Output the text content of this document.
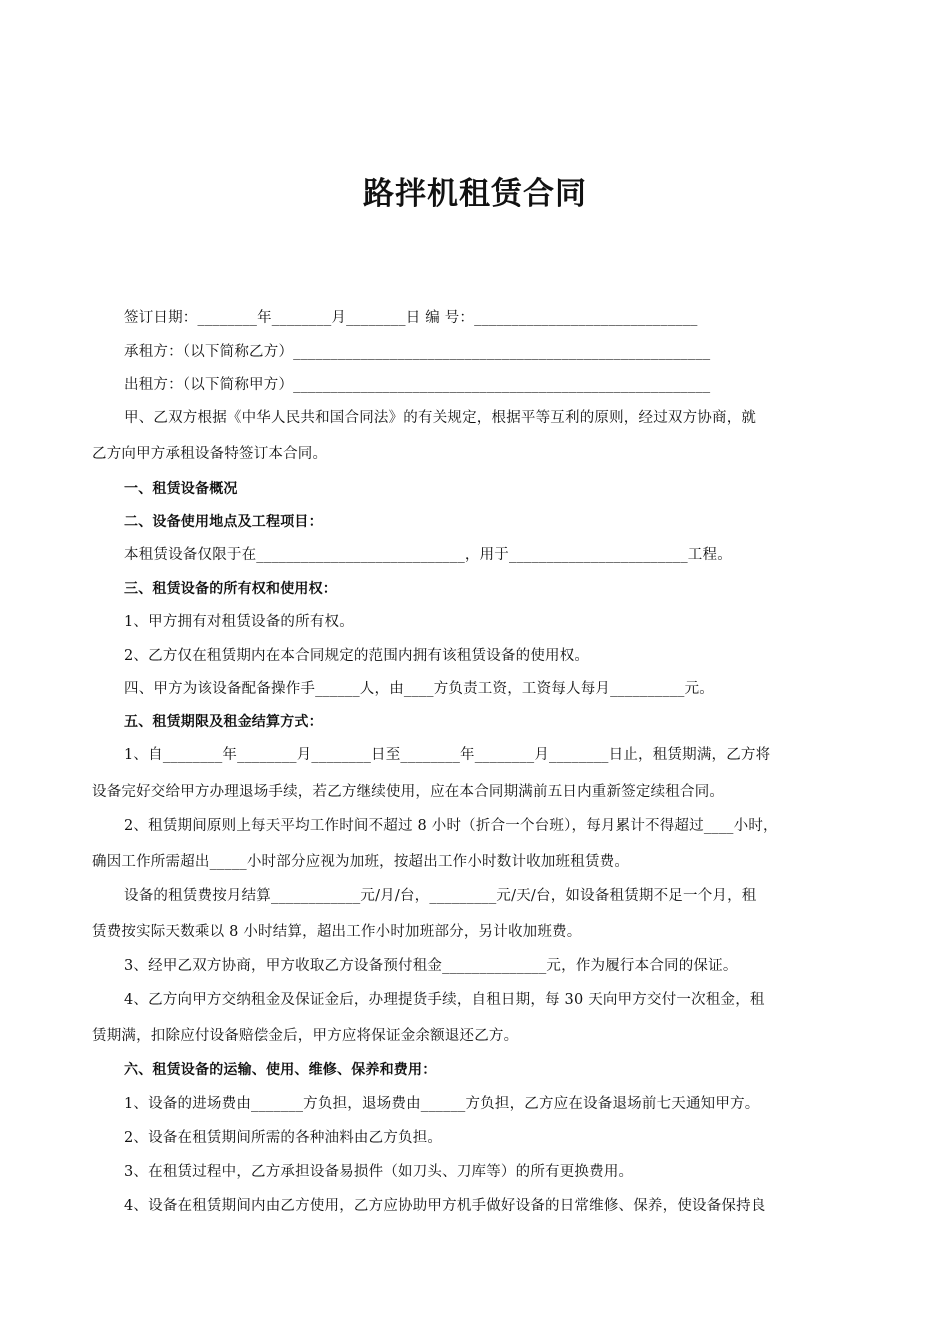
路拌机租赁合同
签订日期：________年________月________日 编 号：______________________________
承租方：（以下简称乙方）________________________________________________________
出租方：（以下简称甲方）________________________________________________________
甲、乙双方根据《中华人民共和国合同法》的有关规定，根据平等互利的原则，经过双方协商，就
乙方向甲方承租设备特签订本合同。
一、租赁设备概况
二、设备使用地点及工程项目：
本租赁设备仅限于在____________________________，用于________________________工程。
三、租赁设备的所有权和使用权：
1、甲方拥有对租赁设备的所有权。
2、乙方仅在租赁期内在本合同规定的范围内拥有该租赁设备的使用权。
四、甲方为该设备配备操作手______人，由____方负责工资，工资每人每月__________元。
五、租赁期限及租金结算方式：
1、自________年________月________日至________年________月________日止，租赁期满，乙方将
设备完好交给甲方办理退场手续，若乙方继续使用，应在本合同期满前五日内重新签定续租合同。
2、租赁期间原则上每天平均工作时间不超过 8 小时（折合一个台班），每月累计不得超过____小时，
确因工作所需超出_____小时部分应视为加班，按超出工作小时数计收加班租赁费。
设备的租赁费按月结算____________元/月/台，_________元/天/台，如设备租赁期不足一个月，租
赁费按实际天数乘以 8 小时结算，超出工作小时加班部分，另计收加班费。
3、经甲乙双方协商，甲方收取乙方设备预付租金______________元，作为履行本合同的保证。
4、乙方向甲方交纳租金及保证金后，办理提货手续，自租日期，每 30 天向甲方交付一次租金，租
赁期满，扣除应付设备赔偿金后，甲方应将保证金余额退还乙方。
六、租赁设备的运输、使用、维修、保养和费用：
1、设备的进场费由_______方负担，退场费由______方负担，乙方应在设备退场前七天通知甲方。
2、设备在租赁期间所需的各种油料由乙方负担。
3、在租赁过程中，乙方承担设备易损件（如刀头、刀库等）的所有更换费用。
4、设备在租赁期间内由乙方使用，乙方应协助甲方机手做好设备的日常维修、保养，使设备保持良
